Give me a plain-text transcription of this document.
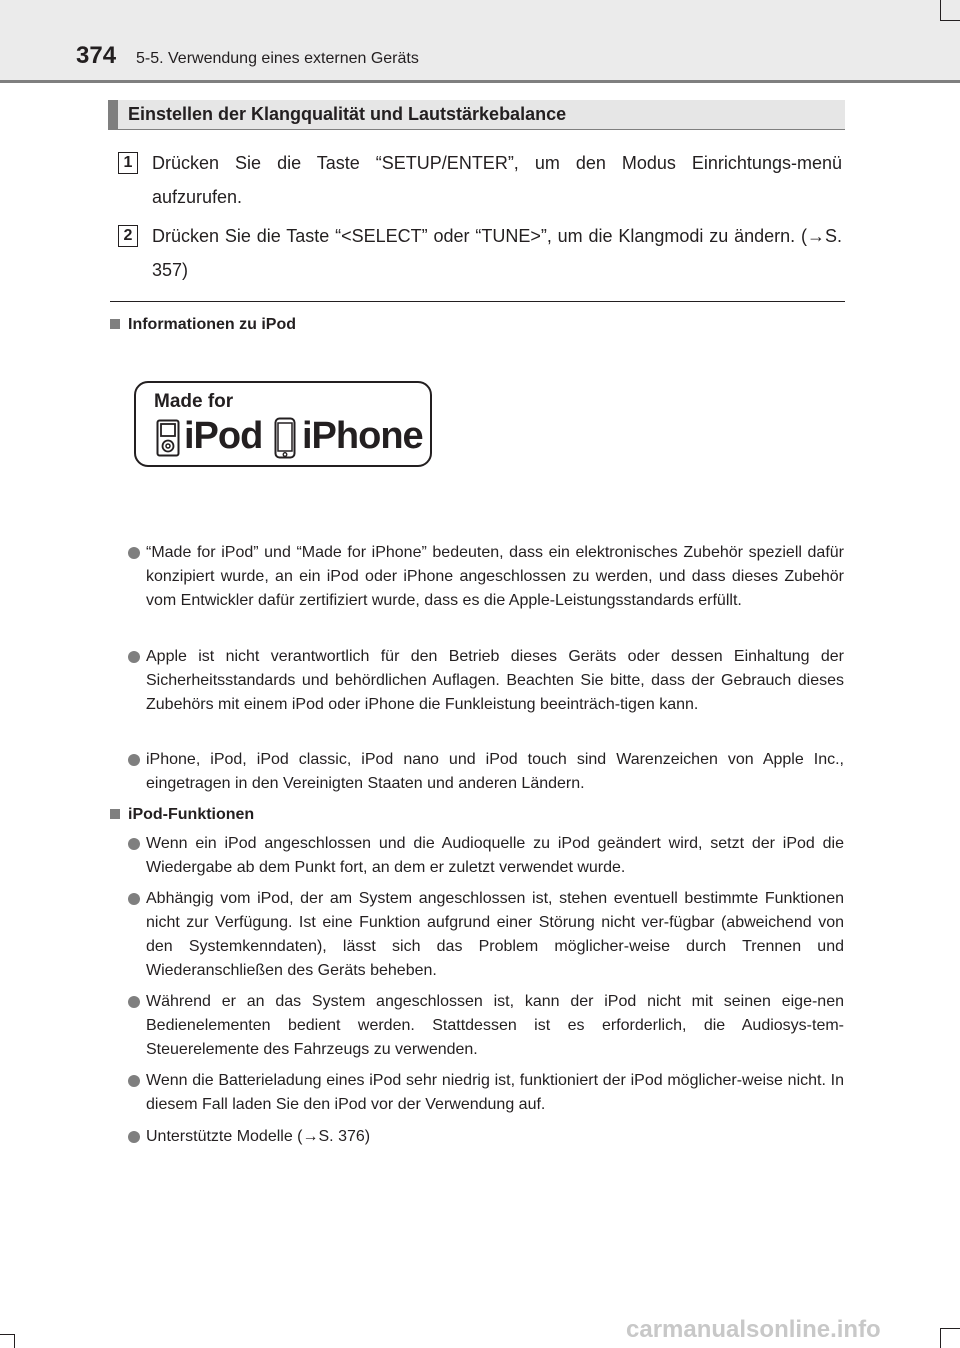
374 5-5. Verwendung eines externen Geräts
Einstellen der Klangqualität und Lautstärkebalance
1	Drücken Sie die Taste “SETUP/ENTER”, um den Modus Einrichtungs-menü aufzurufen.
2	Drücken Sie die Taste “<SELECT” oder “TUNE>”, um die Klangmodi zu ändern. (→S. 357)
Informationen zu iPod
Made for
iPod iPhone
“Made for iPod” und “Made for iPhone” bedeuten, dass ein elektronisches Zubehör speziell dafür konzipiert wurde, an ein iPod oder iPhone angeschlossen zu werden, und dass dieses Zubehör vom Entwickler dafür zertifiziert wurde, dass es die Apple-Leistungsstandards erfüllt.
Apple ist nicht verantwortlich für den Betrieb dieses Geräts oder dessen Einhaltung der Sicherheitsstandards und behördlichen Auflagen. Beachten Sie bitte, dass der Gebrauch dieses Zubehörs mit einem iPod oder iPhone die Funkleistung beeinträch-tigen kann.
iPhone, iPod, iPod classic, iPod nano und iPod touch sind Warenzeichen von Apple Inc., eingetragen in den Vereinigten Staaten und anderen Ländern.
iPod-Funktionen
Wenn ein iPod angeschlossen und die Audioquelle zu iPod geändert wird, setzt der iPod die Wiedergabe ab dem Punkt fort, an dem er zuletzt verwendet wurde.
Abhängig vom iPod, der am System angeschlossen ist, stehen eventuell bestimmte Funktionen nicht zur Verfügung. Ist eine Funktion aufgrund einer Störung nicht ver-fügbar (abweichend von den Systemkenndaten), lässt sich das Problem möglicher-weise durch Trennen und Wiederanschließen des Geräts beheben.
Während er an das System angeschlossen ist, kann der iPod nicht mit seinen eige-nen Bedienelementen bedient werden. Stattdessen ist es erforderlich, die Audiosys-tem-Steuerelemente des Fahrzeugs zu verwenden.
Wenn die Batterieladung eines iPod sehr niedrig ist, funktioniert der iPod möglicher-weise nicht. In diesem Fall laden Sie den iPod vor der Verwendung auf.
Unterstützte Modelle (→S. 376)
carmanualsonline.info
